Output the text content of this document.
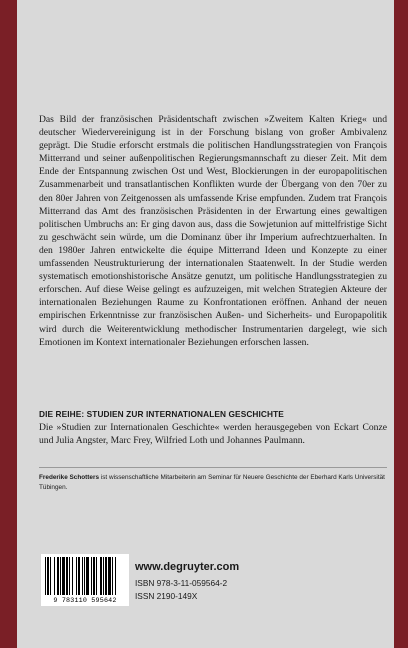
Das Bild der französischen Präsidentschaft zwischen »Zweitem Kalten Krieg« und deutscher Wiedervereinigung ist in der Forschung bislang von großer Ambivalenz geprägt. Die Studie erforscht erstmals die politischen Handlungsstrategien von François Mitterrand und seiner außenpolitischen Regierungsmannschaft zu dieser Zeit. Mit dem Ende der Entspannung zwischen Ost und West, Blockierungen in der europapolitischen Zusammenarbeit und transatlantischen Konflikten wurde der Übergang von den 70er zu den 80er Jahren von Zeitgenossen als umfassende Krise empfunden. Zudem trat François Mitterrand das Amt des französischen Präsidenten in der Erwartung eines gewaltigen politischen Umbruchs an: Er ging davon aus, dass die Sowjetunion auf mittelfristige Sicht zu geschwächt sein würde, um die Dominanz über ihr Imperium aufrechtzuerhalten. In den 1980er Jahren entwickelte die équipe Mitterrand Ideen und Konzepte zu einer umfassenden Neustrukturierung der internationalen Staatenwelt. In der Studie werden systematisch emotionshistorische Ansätze genutzt, um politische Handlungsstrategien zu erforschen. Auf diese Weise gelingt es aufzuzeigen, mit welchen Strategien Akteure der internationalen Beziehungen Raume zu Konfrontationen eröffnen. Anhand der neuen empirischen Erkenntnisse zur französischen Außen- und Sicherheits- und Europapolitik wird durch die Weiterentwicklung methodischer Instrumentarien dargelegt, wie sich Emotionen im Kontext internationaler Beziehungen erforschen lassen.
DIE REIHE: STUDIEN ZUR INTERNATIONALEN GESCHICHTE
Die »Studien zur Internationalen Geschichte« werden herausgegeben von Eckart Conze und Julia Angster, Marc Frey, Wilfried Loth und Johannes Paulmann.
Frederike Schotters ist wissenschaftliche Mitarbeiterin am Seminar für Neuere Geschichte der Eberhard Karls Universität Tübingen.
9 783110 595642
www.degruyter.com
ISBN 978-3-11-059564-2
ISSN 2190-149X
